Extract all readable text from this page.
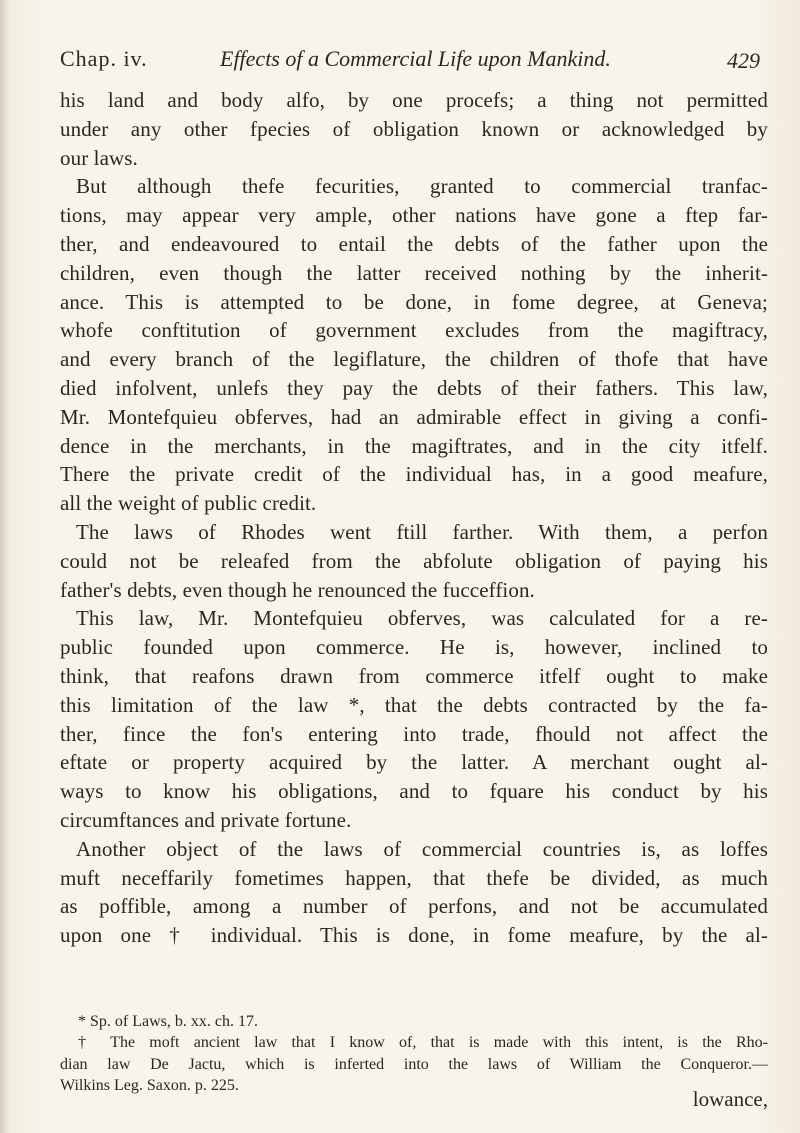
Chap. iv.	Effects of a Commercial Life upon Mankind.	429
his land and body alfo, by one procefs; a thing not permitted
under any other fpecies of obligation known or acknowledged by
our laws.
But although thefe fecurities, granted to commercial tranfac-
tions, may appear very ample, other nations have gone a ftep far-
ther, and endeavoured to entail the debts of the father upon the
children, even though the latter received nothing by the inherit-
ance. This is attempted to be done, in fome degree, at Geneva;
whofe conftitution of government excludes from the magiftracy,
and every branch of the legiflature, the children of thofe that have
died infolvent, unlefs they pay the debts of their fathers. This law,
Mr. Montefquieu obferves, had an admirable effect in giving a confi-
dence in the merchants, in the magiftrates, and in the city itfelf.
There the private credit of the individual has, in a good meafure,
all the weight of public credit.
The laws of Rhodes went ftill farther. With them, a perfon
could not be releafed from the abfolute obligation of paying his
father's debts, even though he renounced the fucceffion.
This law, Mr. Montefquieu obferves, was calculated for a re-
public founded upon commerce. He is, however, inclined to
think, that reafons drawn from commerce itfelf ought to make
this limitation of the law *, that the debts contracted by the fa-
ther, fince the fon's entering into trade, fhould not affect the
eftate or property acquired by the latter. A merchant ought al-
ways to know his obligations, and to fquare his conduct by his
circumftances and private fortune.
Another object of the laws of commercial countries is, as loffes
muft neceffarily fometimes happen, that thefe be divided, as much
as poffible, among a number of perfons, and not be accumulated
upon one † individual. This is done, in fome meafure, by the al-
* Sp. of Laws, b. xx. ch. 17.
† The moft ancient law that I know of, that is made with this intent, is the Rho-
dian law De Jactu, which is inferted into the laws of William the Conqueror.—
Wilkins Leg. Saxon. p. 225.
lowance,
